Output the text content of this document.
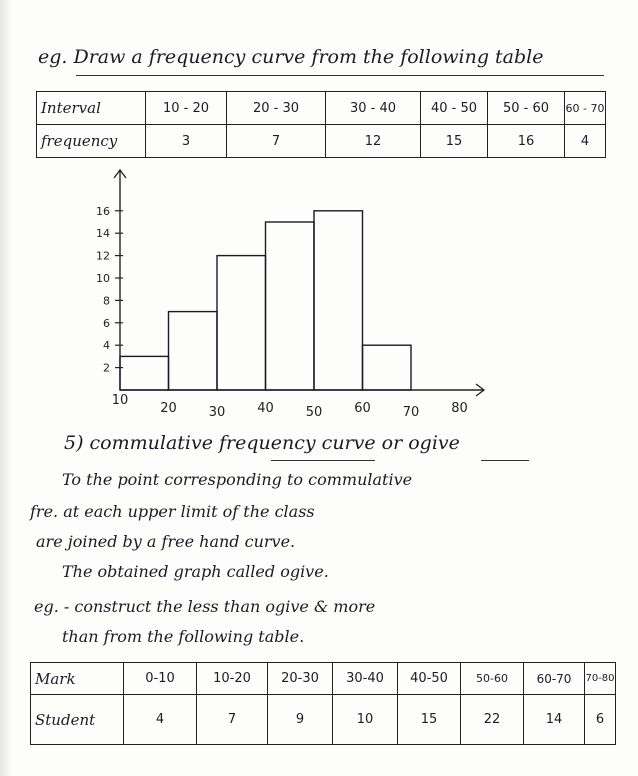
eg. Draw a frequency curve from the following table
Interval	10 - 20	20 - 30	30 - 40	40 - 50	50 - 60	60 - 70
frequency	3	7	12	15	16	4
16
14
12
10
8
6
4
2
10
20 30 40 50 60 70 80
5) commulative frequency curve or ogive
To the point corresponding to commulative
fre. at each upper limit of the class
are joined by a free hand curve.
The obtained graph called ogive.
eg. - construct the less than ogive & more
than from the following table.
Mark	0-10	10-20	20-30	30-40	40-50	50-60	60-70	70-80
Student	4	7	9	10	15	22	14	6
